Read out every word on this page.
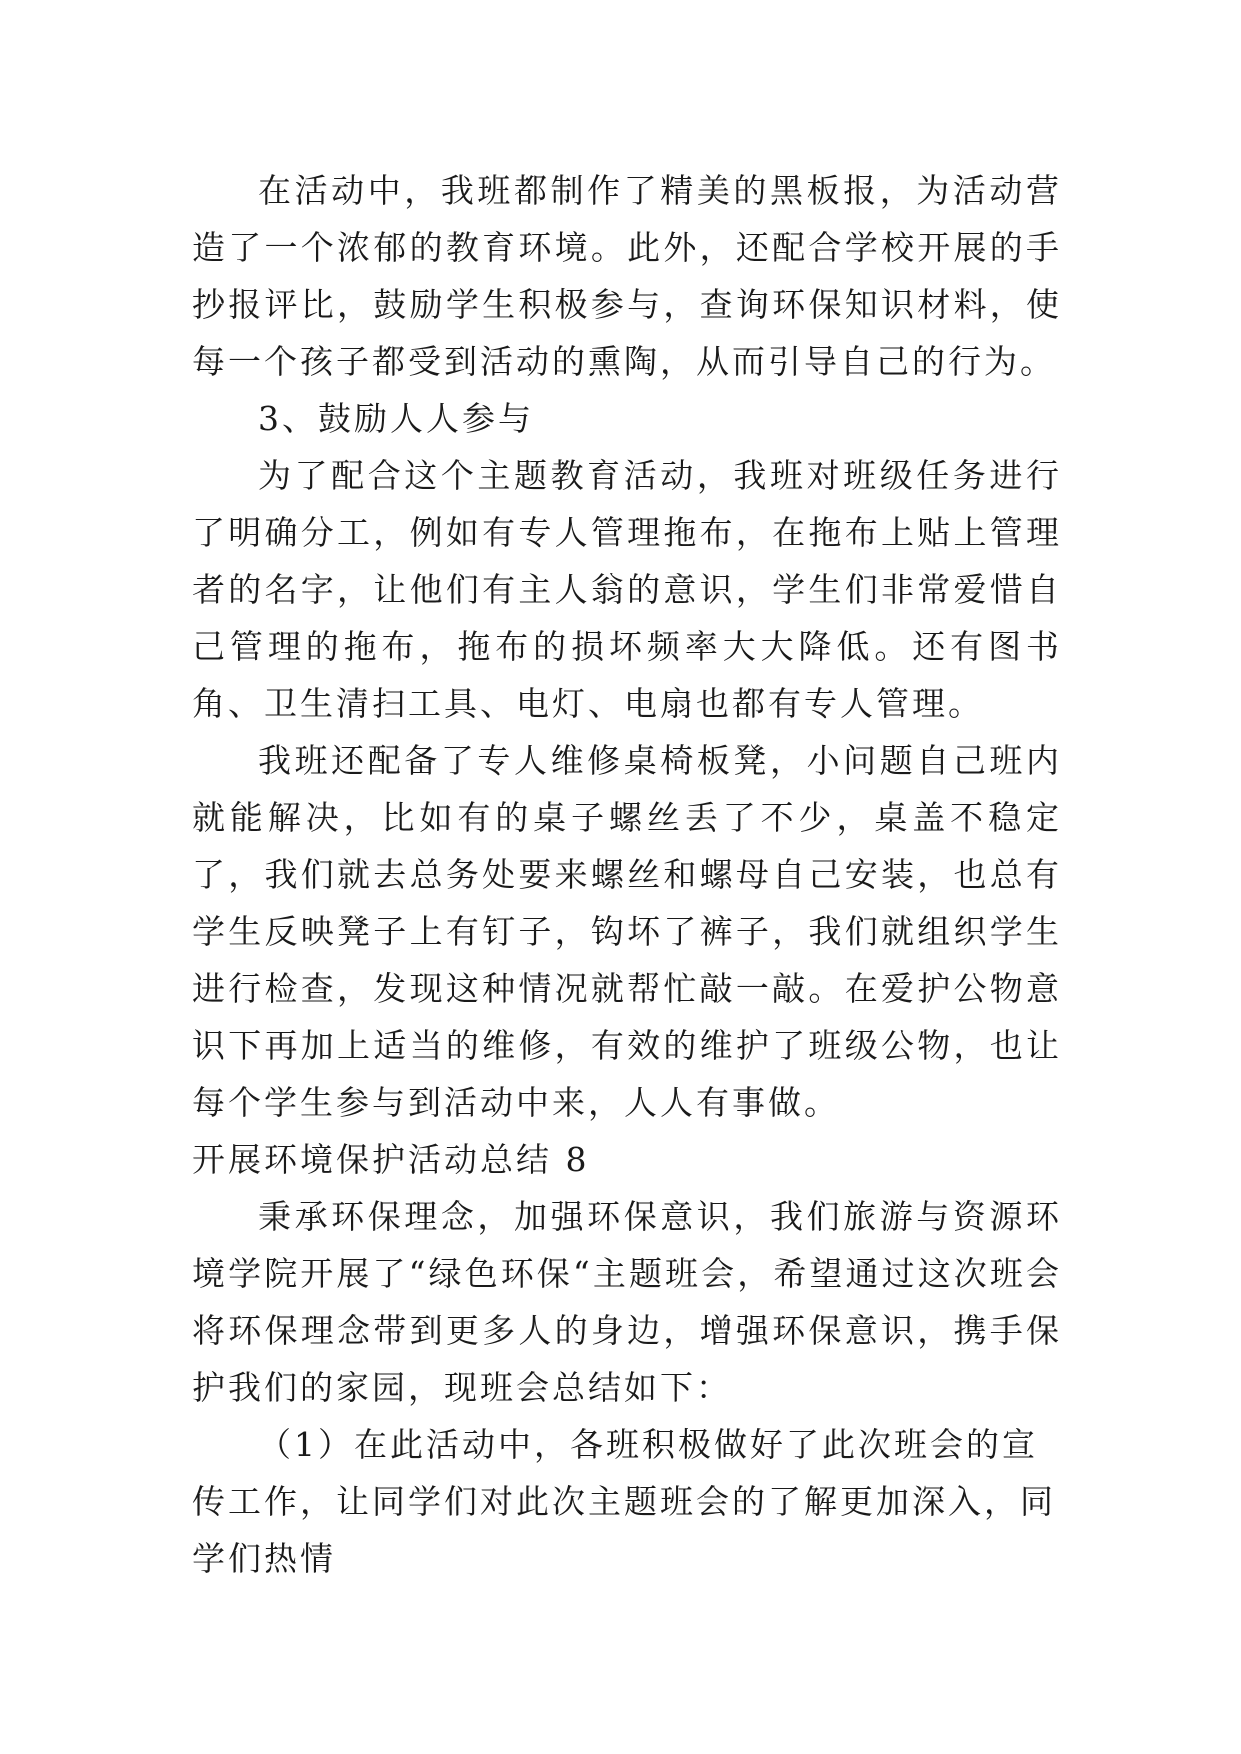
在活动中，我班都制作了精美的黑板报，为活动营造了一个浓郁的教育环境。此外，还配合学校开展的手抄报评比，鼓励学生积极参与，查询环保知识材料，使每一个孩子都受到活动的熏陶，从而引导自己的行为。

3、鼓励人人参与

为了配合这个主题教育活动，我班对班级任务进行了明确分工，例如有专人管理拖布，在拖布上贴上管理者的名字，让他们有主人翁的意识，学生们非常爱惜自己管理的拖布，拖布的损坏频率大大降低。还有图书角、卫生清扫工具、电灯、电扇也都有专人管理。

我班还配备了专人维修桌椅板凳，小问题自己班内就能解决，比如有的桌子螺丝丢了不少，桌盖不稳定了，我们就去总务处要来螺丝和螺母自己安装，也总有学生反映凳子上有钉子，钩坏了裤子，我们就组织学生进行检查，发现这种情况就帮忙敲一敲。在爱护公物意识下再加上适当的维修，有效的维护了班级公物，也让每个学生参与到活动中来，人人有事做。

开展环境保护活动总结 8

秉承环保理念，加强环保意识，我们旅游与资源环境学院开展了“绿色环保“主题班会，希望通过这次班会将环保理念带到更多人的身边，增强环保意识，携手保护我们的家园，现班会总结如下：

（1）在此活动中，各班积极做好了此次班会的宣传工作，让同学们对此次主题班会的了解更加深入，同学们热情
